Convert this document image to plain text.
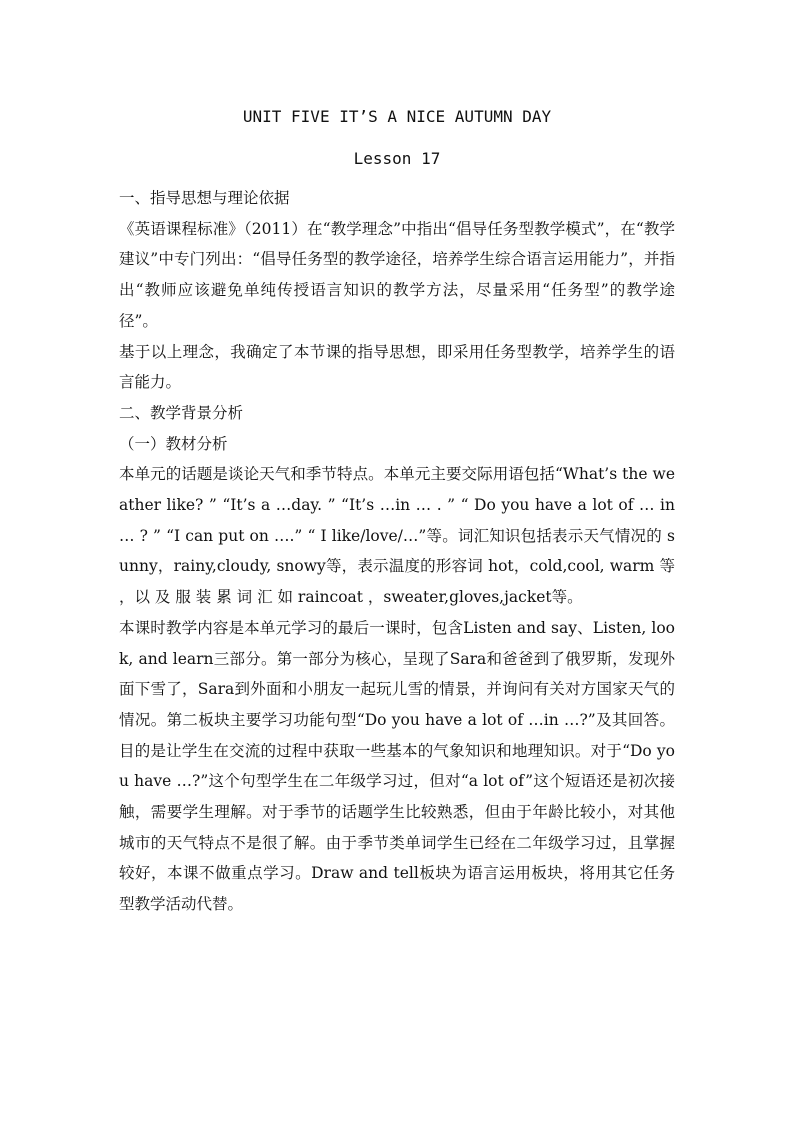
UNIT FIVE IT’S A NICE AUTUMN DAY
Lesson 17

一、指导思想与理论依据

《英语课程标准》（2011）在“教学理念”中指出“倡导任务型教学模式”，在“教学建议”中专门列出：“倡导任务型的教学途径，培养学生综合语言运用能力”，并指出“教师应该避免单纯传授语言知识的教学方法，尽量采用“任务型”的教学途径”。

基于以上理念，我确定了本节课的指导思想，即采用任务型教学，培养学生的语言能力。

二、教学背景分析

（一）教材分析

本单元的话题是谈论天气和季节特点。本单元主要交际用语包括“What’s the weather like? ” “It’s a …day. ” “It’s …in … . ” “ Do you have a lot of … in … ? ” “I can put on ….” “ I like/love/…”等。词汇知识包括表示天气情况的 sunny，rainy,cloudy, snowy等，表示温度的形容词 hot，cold,cool, warm 等 ，以 及 服 装 累 词 汇 如 raincoat ，sweater,gloves,jacket等。

本课时教学内容是本单元学习的最后一课时，包含Listen and say、Listen, look, and learn三部分。第一部分为核心，呈现了Sara和爸爸到了俄罗斯，发现外面下雪了，Sara到外面和小朋友一起玩儿雪的情景，并询问有关对方国家天气的情况。第二板块主要学习功能句型“Do you have a lot of …in …?”及其回答。目的是让学生在交流的过程中获取一些基本的气象知识和地理知识。对于“Do you have …?”这个句型学生在二年级学习过，但对“a lot of”这个短语还是初次接触，需要学生理解。对于季节的话题学生比较熟悉，但由于年龄比较小，对其他城市的天气特点不是很了解。由于季节类单词学生已经在二年级学习过，且掌握较好，本课不做重点学习。Draw and tell板块为语言运用板块，将用其它任务型教学活动代替。
